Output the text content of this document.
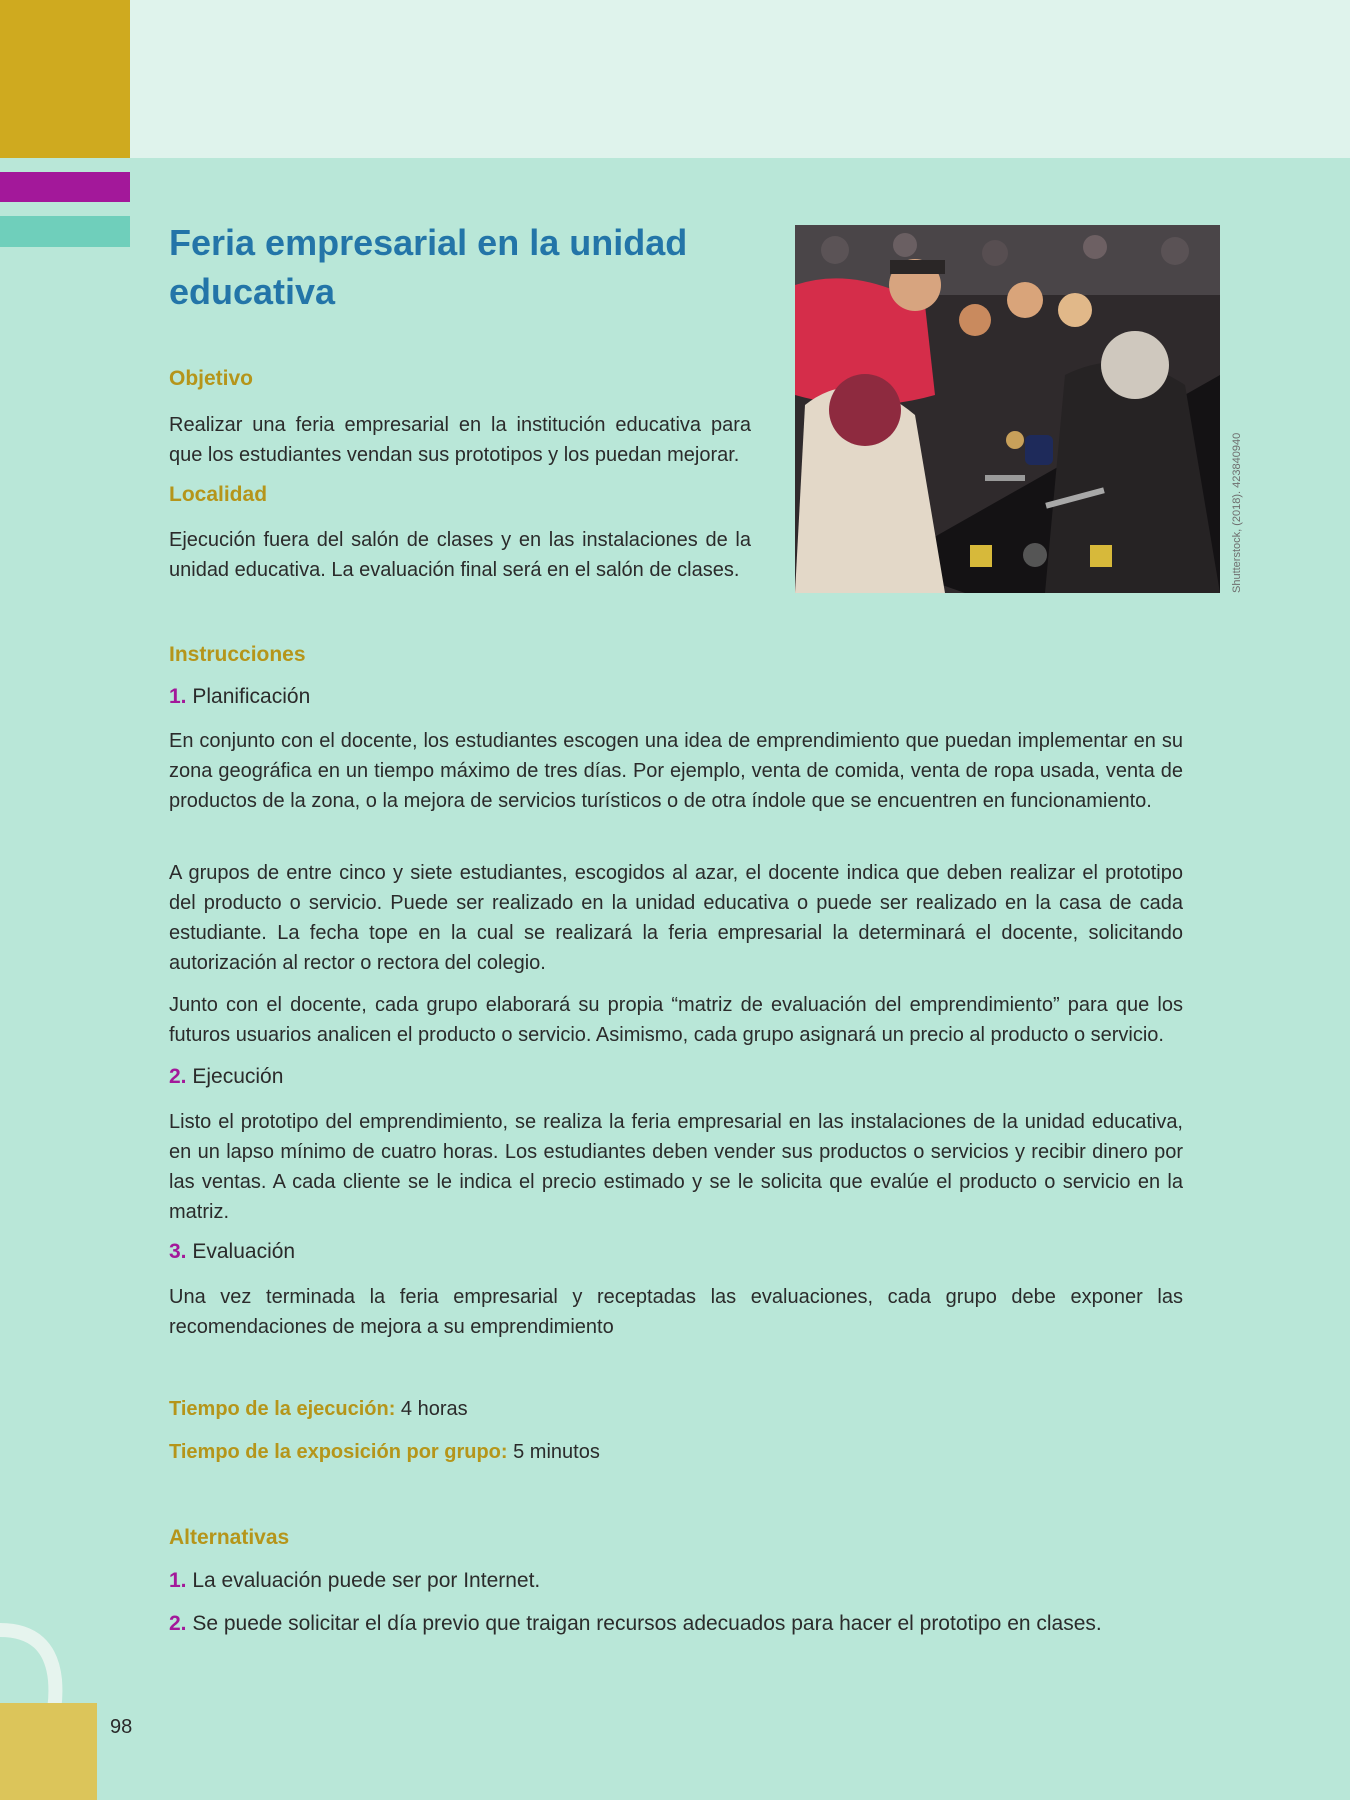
Feria empresarial en la unidad educativa
Objetivo

Realizar una feria empresarial en la institución educativa para que los estudiantes vendan sus prototipos y los puedan mejorar.

Localidad

Ejecución fuera del salón de clases y en las instalaciones de la unidad educativa. La evaluación final será en el salón de clases.	Shutterstock, (2018). 423840940
Instrucciones

1. Planificación

En conjunto con el docente, los estudiantes escogen una idea de emprendimiento que puedan implementar en su zona geográfica en un tiempo máximo de tres días. Por ejemplo, venta de comida, venta de ropa usada, venta de productos de la zona, o la mejora de servicios turísticos o de otra índole que se encuentren en funcionamiento.

A grupos de entre cinco y siete estudiantes, escogidos al azar, el docente indica que deben realizar el prototipo del producto o servicio. Puede ser realizado en la unidad educativa o puede ser realizado en la casa de cada estudiante. La fecha tope en la cual se realizará la feria empresarial la determinará el docente, solicitando autorización al rector o rectora del colegio.

Junto con el docente, cada grupo elaborará su propia “matriz de evaluación del emprendimiento” para que los futuros usuarios analicen el producto o servicio. Asimismo, cada grupo asignará un precio al producto o servicio.

2. Ejecución

Listo el prototipo del emprendimiento, se realiza la feria empresarial en las instalaciones de la unidad educativa, en un lapso mínimo de cuatro horas. Los estudiantes deben vender sus productos o servicios y recibir dinero por las ventas. A cada cliente se le indica el precio estimado y se le solicita que evalúe el producto o servicio en la matriz.

3. Evaluación

Una vez terminada la feria empresarial y receptadas las evaluaciones, cada grupo debe exponer las recomendaciones de mejora a su emprendimiento

Tiempo de la ejecución: 4 horas

Tiempo de la exposición por grupo: 5 minutos

Alternativas

1. La evaluación puede ser por Internet.

2. Se puede solicitar el día previo que traigan recursos adecuados para hacer el prototipo en clases.

98
